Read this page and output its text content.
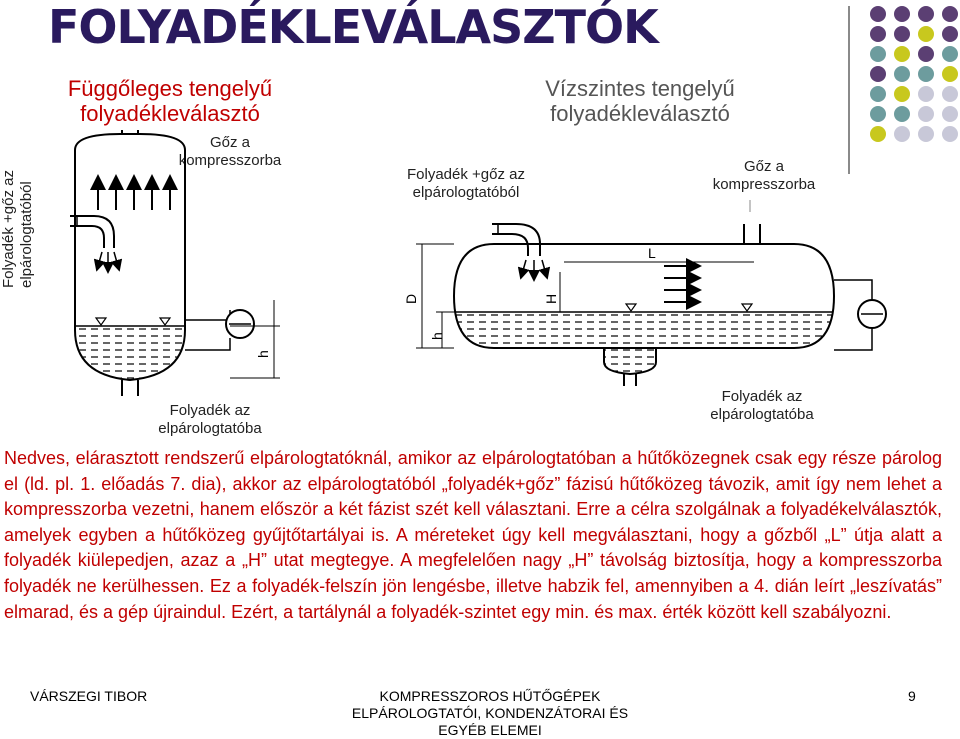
FOLYADÉKLEVÁLASZTÓK
Függőleges tengelyű
folyadékleválasztó
Vízszintes tengelyű
folyadékleválasztó
Folyadék +gőz az elpárologtatóból
Gőz a
kompresszorba
Folyadék az
elpárologtatóba
Folyadék +gőz az
elpárologtatóból
Gőz a
kompresszorba
Folyadék az
elpárologtatóba
h
L
H
D
h
Nedves, elárasztott rendszerű elpárologtatóknál, amikor az elpárologtatóban a hűtőközegnek csak egy része párolog el (ld. pl. 1. előadás 7. dia), akkor az elpárologtatóból „folyadék+gőz” fázisú hűtőközeg távozik, amit így nem lehet a kompresszorba vezetni, hanem először a két fázist szét kell választani. Erre a célra szolgálnak a folyadékelválasztók, amelyek egyben a hűtőközeg gyűjtőtartályai is. A méreteket úgy kell megválasztani, hogy a gőzből „L” útja alatt a folyadék kiülepedjen, azaz a „H” utat megtegye. A megfelelően nagy „H” távolság biztosítja, hogy a kompresszorba folyadék ne kerülhessen. Ez a folyadék-felszín jön lengésbe, illetve habzik fel, amennyiben a 4. dián leírt „leszívatás” elmarad, és a gép újraindul. Ezért, a tartálynál a folyadék-szintet egy min. és max. érték között kell szabályozni.
VÁRSZEGI TIBOR	KOMPRESSZOROS HŰTŐGÉPEK
ELPÁROLOGTATÓI, KONDENZÁTORAI ÉS
EGYÉB ELEMEI
9
